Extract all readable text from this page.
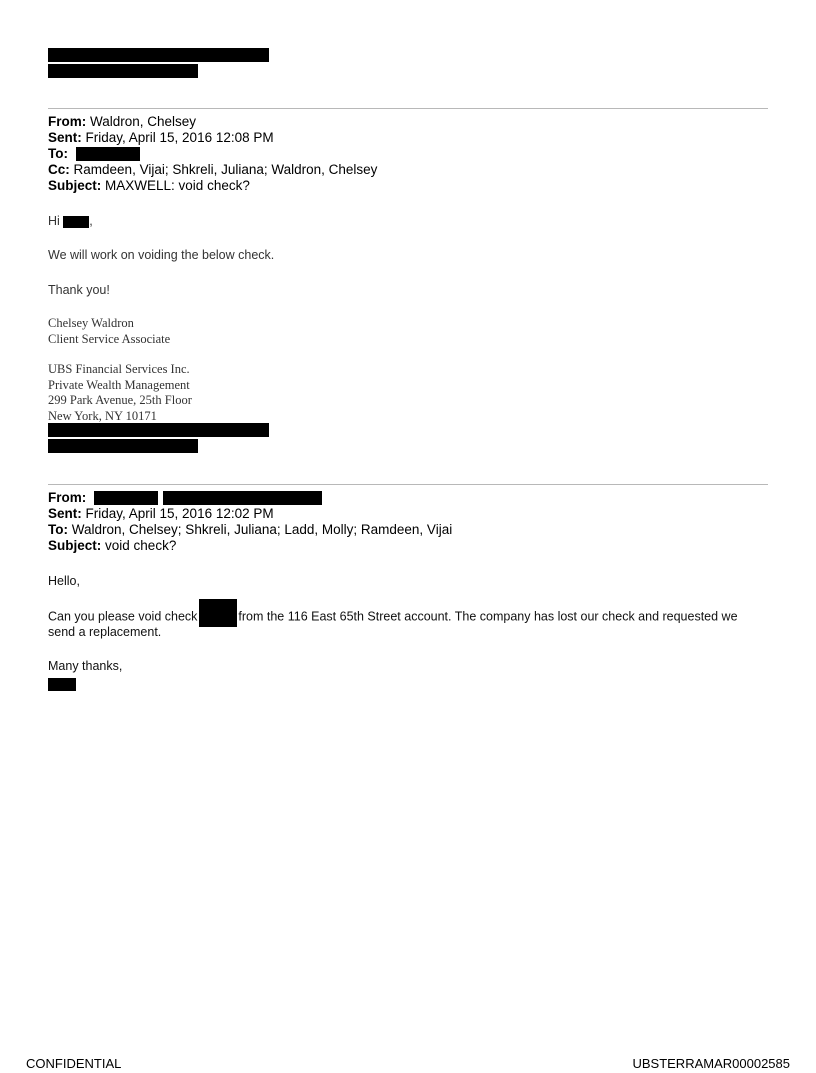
From: Waldron, Chelsey
Sent: Friday, April 15, 2016 12:08 PM
To:
Cc: Ramdeen, Vijai; Shkreli, Juliana; Waldron, Chelsey
Subject: MAXWELL: void check?
Hi ,
We will work on voiding the below check.
Thank you!
Chelsey Waldron
Client Service Associate
UBS Financial Services Inc.
Private Wealth Management
299 Park Avenue, 25th Floor
New York, NY 10171
From:
Sent: Friday, April 15, 2016 12:02 PM
To: Waldron, Chelsey; Shkreli, Juliana; Ladd, Molly; Ramdeen, Vijai
Subject: void check?
Hello,
Can you please void check	from the 116 East 65th Street account. The company has lost our check and requested we
send a replacement.
Many thanks,
CONFIDENTIAL	UBSTERRAMAR00002585
